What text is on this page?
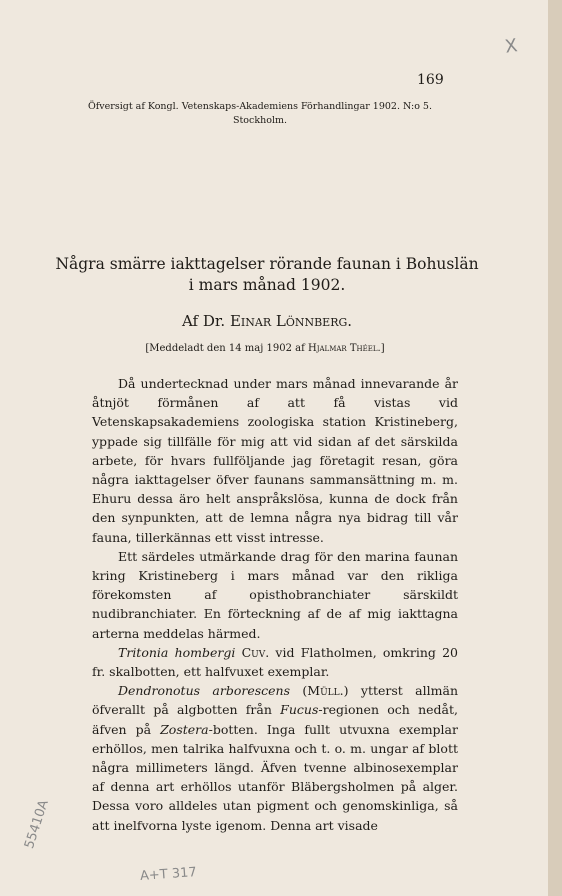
X
169
Öfversigt af Kongl. Vetenskaps-Akademiens Förhandlingar 1902. N:o 5.
Stockholm.
Några smärre iakttagelser rörande faunan i Bohuslän
i mars månad 1902.
Af Dr. Einar Lönnberg.
[Meddeladt den 14 maj 1902 af Hjalmar Théel.]

Då undertecknad under mars månad innevarande år åtnjöt förmånen af att få vistas vid Vetenskapsakademiens zoologiska station Kristineberg, yppade sig tillfälle för mig att vid sidan af det särskilda arbete, för hvars fullföljande jag företagit resan, göra några iakttagelser öfver faunans sammansättning m. m. Ehuru dessa äro helt anspråkslösa, kunna de dock från den synpunkten, att de lemna några nya bidrag till vår fauna, tillerkännas ett visst intresse.

Ett särdeles utmärkande drag för den marina faunan kring Kristineberg i mars månad var den rikliga förekomsten af opisthobranchiater särskildt nudibranchiater. En förteckning af de af mig iakttagna arterna meddelas härmed.

Tritonia hombergi Cuv. vid Flatholmen, omkring 20 fr. skalbotten, ett halfvuxet exemplar.

Dendronotus arborescens (Müll.) ytterst allmän öfverallt på algbotten från Fucus-regionen och nedåt, äfven på Zostera-botten. Inga fullt utvuxna exemplar erhöllos, men talrika halfvuxna och t. o. m. ungar af blott några millimeters längd. Äfven tvenne albinosexemplar af denna art erhöllos utanför Bläbergsholmen på alger. Dessa voro alldeles utan pigment och genomskinliga, så att inelfvorna lyste igenom. Denna art visade

55410A
A+T 317
